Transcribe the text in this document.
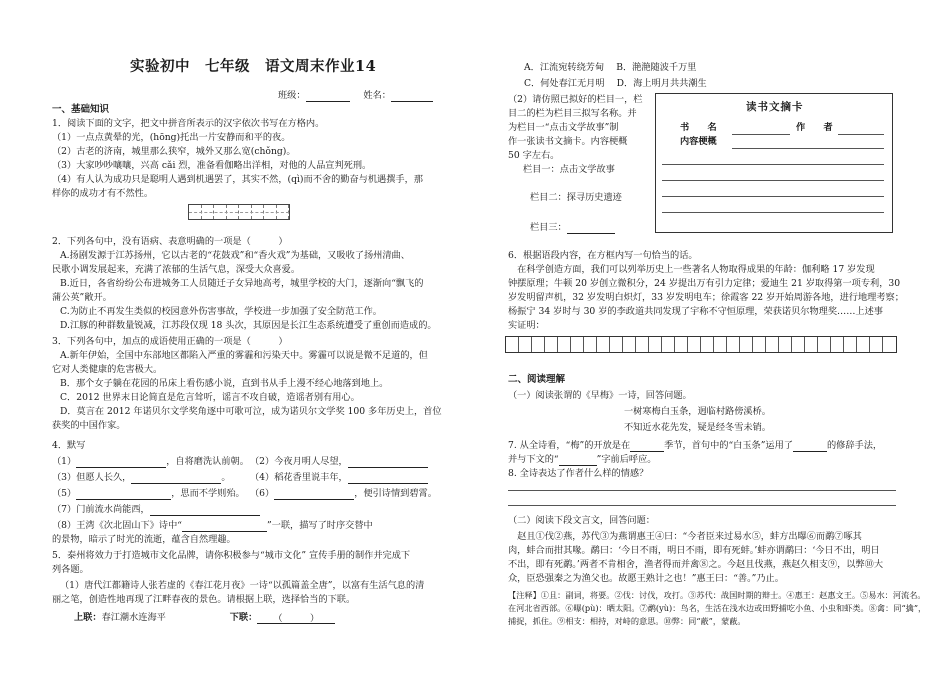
实验初中　七年级　语文周末作业14
班级：	姓名：
一、基础知识
1．阅读下面的文字，把文中拼音所表示的汉字依次书写在方格内。
（1）一点点黄晕的光，(hōng)托出一片安静而和平的夜。
（2）古老的济南，城里那么狭窄，城外又那么宽(chǒng)。
（3）大家吵吵嚷嚷，兴高 cǎi 烈，准备看伽略出洋相，对他的人品宣判死刑。
（4）有人认为成功只是聪明人遇到机遇罢了，其实不然，(qì)而不舍的勤奋与机遇撰手，那
样你的成功才有不然性。
2．下列各句中，没有语病、表意明确的一项是（　　　）
A.扬剧发源于江苏扬州，它以古老的“花鼓戏”和“香火戏”为基础，又吸收了扬州清曲、
民歌小调发展起来，充满了浓郁的生活气息，深受大众喜爱。
B.近日，各省纷纷公布进城务工人员随迁子女异地高考，城里学校的大门，逐渐向“飘飞的
蒲公英”敞开。
C.为防止不再发生类似的校园意外伤害事故，学校进一步加强了安全防范工作。
D.江豚的种群数量锐减，江苏段仅现 18 头次，其原因是长江生态系统遭受了重创而造成的。
3．下列各句中，加点的成语使用正确的一项是（　　　）
A.新年伊始，全国中东部地区都陷入严重的雾霾和污染天中。雾霾可以说是微不足道的，但
它对人类健康的危害极大。
B．那个女子躺在花园的吊床上看伤感小说，直到书从手上漫不经心地落到地上。
C．2012 世界末日论简直是危言耸听，谣言不攻自破，造谣者别有用心。
D．莫言在 2012 年诺贝尔文学奖角逐中可歌可泣，成为诺贝尔文学奖 100 多年历史上，首位
获奖的中国作家。
4．默写
（1）	，自将磨洗认前朝。 （2）今夜月明人尽望，
（3）但愿人长久，	。 （4）稻花香里说丰年，
（5）	，思而不学则殆。 （6）	，便引诗情到碧霄。
（7）门前流水尚能西，
（8）王湾《次北固山下》诗中“	”一联，描写了时序交替中
的景物，暗示了时光的流逝，蕴含自然理趣。
5．泰州将效力于打造城市文化品牌，请你积极参与“城市文化” 宣传手册的制作并完成下
列各题。
（1）唐代江都籍诗人张若虚的《春江花月夜》一诗“以孤篇盖全唐”，以富有生活气息的清
丽之笔，创造性地再现了江畔春夜的景色。请根据上联，选择恰当的下联。
上联：春江潮水连海平	下联： （　　　）
A．江流宛转绕芳甸　 B．滟滟随波千万里
C．何处春江无月明　 D．海上明月共共潮生
（2）请仿照已拟好的栏目一，栏
目二的栏为栏目三拟写名称。并
为栏目一“点击文学故事”制
作一张读书文摘卡。内容梗概
50 字左右。
栏目一：点击文学故事
栏目二：探寻历史遗迹
栏目三：
读书文摘卡
书　　名	作　　者
内容梗概
6．根据语段内容，在方框内写一句恰当的话。
　在科学创造方面，我们可以列举历史上一些著名人物取得成果的年龄：伽利略 17 岁发现
钟摆原理；牛顿 20 岁创立微积分，24 岁提出万有引力定律；爱迪生 21 岁取得第一项专利，30
岁发明留声机，32 岁发明白炽灯，33 岁发明电车；徐霞客 22 岁开始周游各地，进行地理考察；
杨振宁 34 岁时与 30 岁的李政道共同发现了宇称不守恒原理，荣获诺贝尔物理奖……上述事
实证明：
二、阅读理解
（一）阅读张谓的《早梅》一诗，回答问题。
一树寒梅白玉条，迥临村路傍溪桥。
不知近水花先发，疑是经冬雪未销。
7. 从全诗看，“梅”的开放是在	季节，首句中的“白玉条”运用了	的修辞手法，
并与下文的“	”字前后呼应。
8. 全诗表达了作者什么样的情感？
（二）阅读下段文言文，回答问题：
　赵且①伐②燕，苏代③为燕谓惠王④曰：“今者臣来过易水⑤，蚌方出曝⑥而鹬⑦啄其
肉，蚌合而拑其喙。鹬曰：‘今日不雨，明日不雨，即有死蚌。’蚌亦谓鹬曰：‘今日不出，明日
不出，即有死鹬。’两者不肯相舍，渔者得而并禽⑧之。今赵且伐燕，燕赵久相支⑨，以弊⑩大
众，臣恐强秦之为渔父也。故愿王熟计之也！”惠王曰：“善。”乃止。
【注释】①且：副词，将要。②伐：讨伐，攻打。③苏代：战国时期的辩士。④惠王：赵惠文王。⑤易水：河流名。
在河北省西部。⑥曝(pù)：晒太阳。⑦鹬(yù)：鸟名，生活在浅水边或田野捕吃小鱼、小虫和虾类。⑧禽：同“擒”，
捕捉，抓住。⑨相支：相持，对峙的意思。⑩弊：同“蔽”，蒙蔽。
